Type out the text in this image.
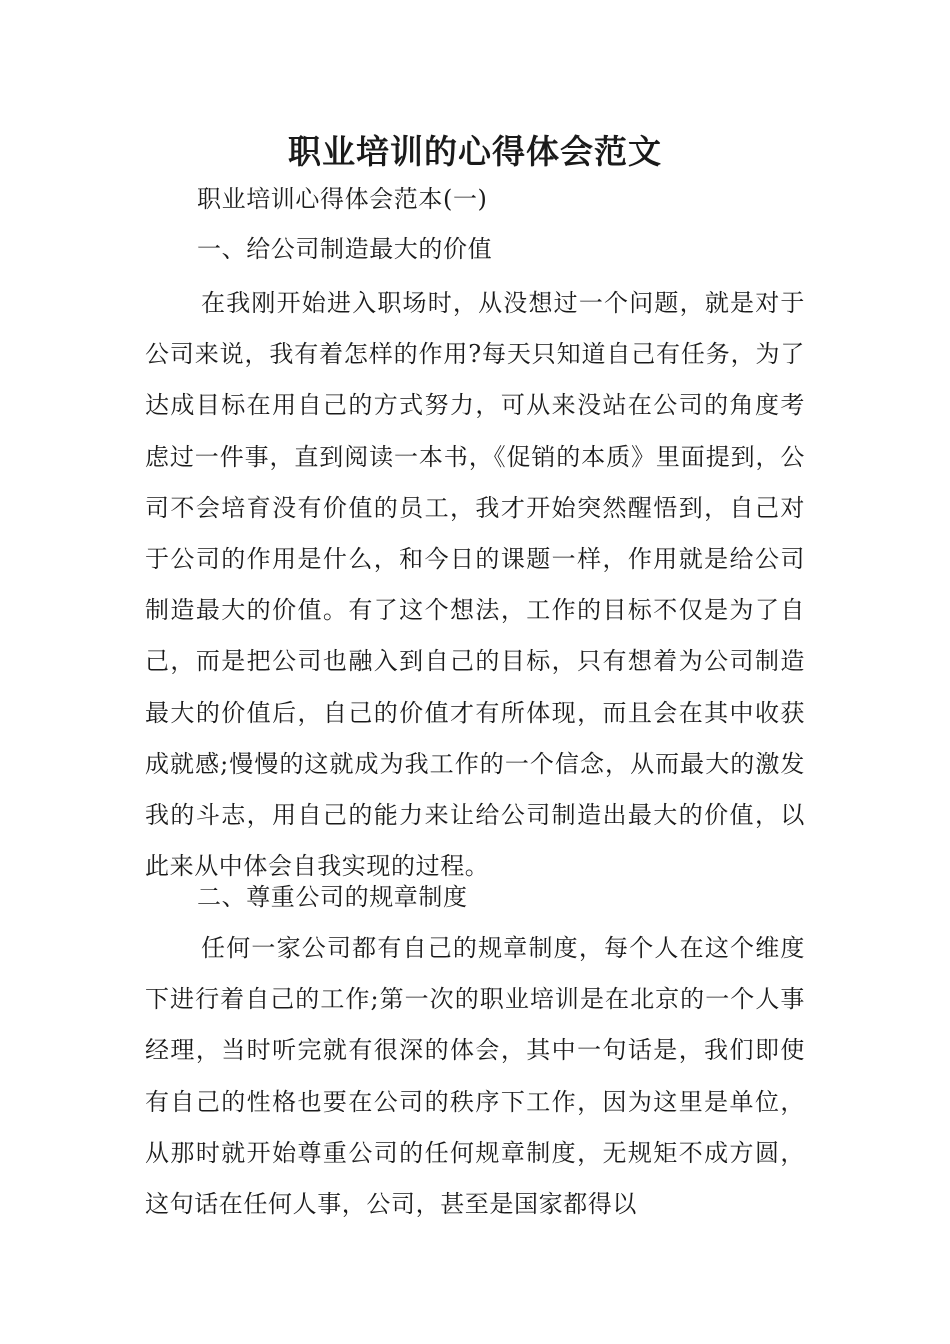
职业培训的心得体会范文
职业培训心得体会范本(一)
一、给公司制造最大的价值
在我刚开始进入职场时，从没想过一个问题，就是对于公司来说，我有着怎样的作用?每天只知道自己有任务，为了达成目标在用自己的方式努力，可从来没站在公司的角度考虑过一件事，直到阅读一本书，《促销的本质》里面提到，公司不会培育没有价值的员工，我才开始突然醒悟到，自己对于公司的作用是什么，和今日的课题一样，作用就是给公司制造最大的价值。有了这个想法，工作的目标不仅是为了自己，而是把公司也融入到自己的目标，只有想着为公司制造最大的价值后，自己的价值才有所体现，而且会在其中收获成就感;慢慢的这就成为我工作的一个信念，从而最大的激发我的斗志，用自己的能力来让给公司制造出最大的价值，以此来从中体会自我实现的过程。
二、尊重公司的规章制度
任何一家公司都有自己的规章制度，每个人在这个维度下进行着自己的工作;第一次的职业培训是在北京的一个人事经理，当时听完就有很深的体会，其中一句话是，我们即使有自己的性格也要在公司的秩序下工作，因为这里是单位，从那时就开始尊重公司的任何规章制度，无规矩不成方圆，这句话在任何人事，公司，甚至是国家都得以
